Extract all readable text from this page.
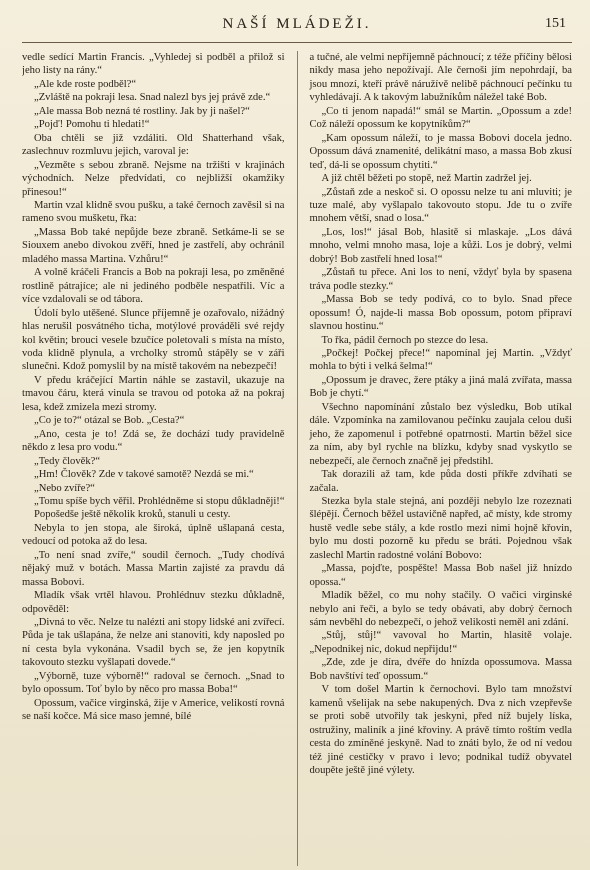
NAŠÍ MLÁDEŽI.	151

vedle sedící Martin Francis. „Vyhledej si podběl a přilož si jeho listy na rány.“

„Ale kde roste podběl?“

„Zvláště na pokraji lesa. Snad nalezl bys jej právě zde.“

„Ale massa Bob nezná té rostliny. Jak by ji našel?“

„Pojď! Pomohu ti hledati!“

Oba chtěli se již vzdáliti. Old Shatterhand však, zaslechnuv rozmluvu jejich, varoval je:

„Vezměte s sebou zbraně. Nejsme na tržišti v krajinách východních. Nelze předvídati, co nejbližší okamžiky přinesou!“

Martin vzal klidně svou pušku, a také černoch zavěsil si na rameno svou mušketu, řka:

„Massa Bob také nepůjde beze zbraně. Setkáme-li se se Siouxem anebo divokou zvěří, hned je zastřelí, aby ochránil mladého massa Martina. Vzhůru!“

A volně kráčeli Francis a Bob na pokraji lesa, po změněné rostlině pátrajíce; ale ni jediného podběle nespatřili. Víc a více vzdalovali se od tábora.

Údolí bylo utěšené. Slunce příjemně je ozařovalo, nižádný hlas nerušil posvátného ticha, motýlové prováděli své rejdy kol květin; brouci vesele bzučíce poletovali s místa na místo, voda klidně plynula, a vrcholky stromů stápěly se v záři slunečni. Kdož pomyslil by na místě takovém na nebezpečí!

V předu kráčející Martin náhle se zastavil, ukazuje na tmavou čáru, která vinula se travou od potoka až na pokraj lesa, kdež zmizela mezi stromy.

„Co je to?“ otázal se Bob. „Cesta?“

„Ano, cesta je to! Zdá se, že dochází tudy pravidelně někdo z lesa pro vodu.“

„Tedy člověk?“

„Hm! Člověk? Zde v takové samotě? Nezdá se mi.“

„Nebo zvíře?“

„Tomu spíše bych věřil. Prohlédněme si stopu důkladněji!“

Popošedše ještě několik kroků, stanuli u cesty.

Nebyla to jen stopa, ale široká, úplně ušlapaná cesta, vedoucí od potoka až do lesa.

„To není snad zvíře,“ soudil černoch. „Tudy chodívá nějaký muž v botách. Massa Martin zajisté za pravdu dá massa Bobovi.

Mladík však vrtěl hlavou. Prohlédnuv stezku důkladně, odpověděl:

„Divná to věc. Nelze tu nalézti ani stopy lidské ani zvířecí. Půda je tak ušlapána, že nelze ani stanoviti, kdy naposled po ní cesta byla vykonána. Vsadil bych se, že jen kopytník takovouto stezku vyšlapati dovede.“

„Výborně, tuze výborně!“ radoval se černoch. „Snad to bylo opossum. Toť bylo by něco pro massa Boba!“

Opossum, vačice virginská, žije v Americe, velikostí rovná se naší kočce. Má sice maso jemné, bílé

a tučné, ale velmi nepříjemně páchnoucí; z téže příčiny bělosi nikdy masa jeho nepožívají. Ale černoši jím nepohrdají, ba jsou mnozí, kteří právě náružívě nelibě páchnoucí pečínku tu vyhledávají. A k takovým labužníkům náležel také Bob.

„Co ti jenom napadá!“ smál se Martin. „Opossum a zde! Což náleží opossum ke kopytníkům?“

„Kam opossum náleží, to je massa Bobovi docela jedno. Opossum dává znamenité, delikátní maso, a massa Bob zkusí teď, dá-li se opossum chytiti.“

A již chtěl běžeti po stopě, než Martin zadržel jej.

„Zůstaň zde a neskoč si. O opossu nelze tu ani mluviti; je tuze malé, aby vyšlapalo takovouto stopu. Jde tu o zvíře mnohem větší, snad o losa.“

„Los, los!“ jásal Bob, hlasitě si mlaskaje. „Los dává mnoho, velmi mnoho masa, loje a kůži. Los je dobrý, velmi dobrý! Bob zastřelí hned losa!“

„Zůstaň tu přece. Ani los to není, vždyť byla by spasena tráva podle stezky.“

„Massa Bob se tedy podívá, co to bylo. Snad přece opossum! Ó, najde-li massa Bob opossum, potom připraví slavnou hostinu.“

To řka, pádil černoch po stezce do lesa.

„Počkej! Počkej přece!“ napomínal jej Martin. „Vždyť mohla to býti i velká šelma!“

„Opossum je dravec, žere ptáky a jiná malá zvířata, massa Bob je chytí.“

Všechno napomínání zůstalo bez výsledku, Bob utíkal dále. Vzpomínka na zamilovanou pečínku zaujala celou duši jeho, že zapomenul i potřebné opatrnosti. Martin běžel sice za ním, aby byl rychle na blízku, kdyby snad vyskytlo se nebezpečí, ale černoch značně jej předstihl.

Tak dorazili až tam, kde půda dosti příkře zdvíhati se začala.

Stezka byla stale stejná, ani později nebylo lze rozeznati šlépějí. Černoch běžel ustavičně napřed, ač místy, kde stromy hustě vedle sebe stály, a kde rostlo mezi nimi hojně křovin, bylo mu dosti pozorně ku předu se bráti. Pojednou však zaslechl Martin radostné volání Bobovo:

„Massa, pojďte, pospěšte! Massa Bob našel již hnízdo opossa.“

Mladík běžel, co mu nohy stačily. O vačici virginské nebylo ani řeči, a bylo se tedy obávati, aby dobrý černoch sám nevběhl do nebezpečí, o jehož velikosti neměl ani zdání.

„Stůj, stůj!“ vavoval ho Martin, hlasitě volaje. „Nepodnikej nic, dokud nepřijdu!“

„Zde, zde je díra, dvéře do hnízda opossumova. Massa Bob navštíví teď opossum.“

V tom došel Martin k černochovi. Bylo tam množství kamenů všelijak na sebe nakupených. Dva z nich vzepřevše se proti sobě utvořily tak jeskyni, před níž bujely líska, ostružiny, maliník a jiné křoviny. A právě tímto roštím vedla cesta do zmíněné jeskyně. Nad to znáti bylo, že od ní vedou též jiné cestičky v pravo i levo; podnikal tudíž obyvatel doupěte ještě jiné výlety.
